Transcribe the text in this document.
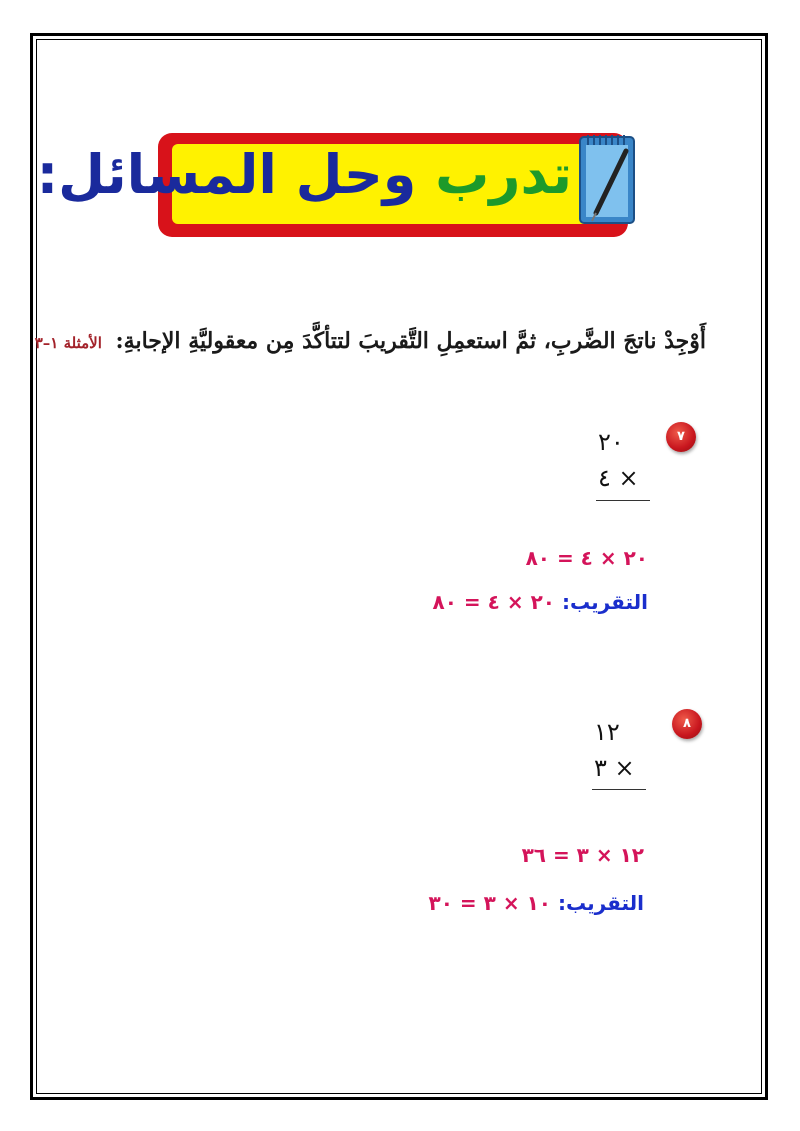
تدرب وحل المسائل:
أَوْجِدْ ناتجَ الضَّربِ، ثمَّ استعمِلِ التَّقريبَ لتتأكَّدَ مِن معقوليَّةِ الإجابةِ: الأمثلة ١–٣
٧
٢٠
٤ ×
٢٠ × ٤ = ٨٠
التقريب: ٢٠ × ٤ = ٨٠
٨
١٢
٣ ×
١٢ × ٣ = ٣٦
التقريب: ١٠ × ٣ = ٣٠
